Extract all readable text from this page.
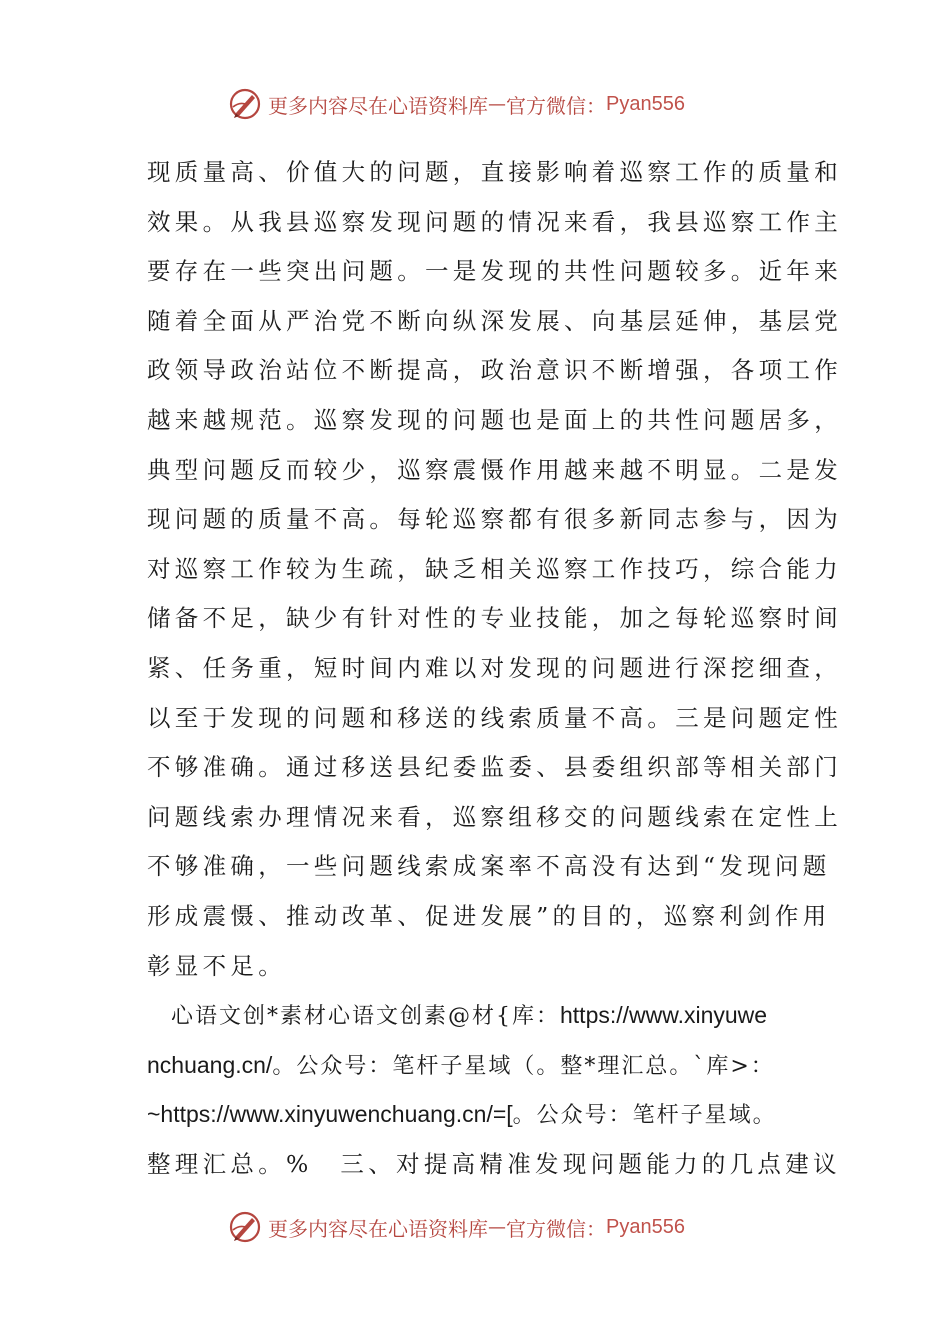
更多内容尽在心语资料库 — 官方微信： Pyan556
现质量高、价值大的问题，直接影响着巡察工作的质量和
效果。从我县巡察发现问题的情况来看，我县巡察工作主
要存在一些突出问题。一是发现的共性问题较多。近年来
随着全面从严治党不断向纵深发展、向基层延伸，基层党
政领导政治站位不断提高，政治意识不断增强，各项工作
越来越规范。巡察发现的问题也是面上的共性问题居多，
典型问题反而较少，巡察震慑作用越来越不明显。二是发
现问题的质量不高。每轮巡察都有很多新同志参与，因为
对巡察工作较为生疏，缺乏相关巡察工作技巧，综合能力
储备不足，缺少有针对性的专业技能，加之每轮巡察时间
紧、任务重，短时间内难以对发现的问题进行深挖细查，
以至于发现的问题和移送的线索质量不高。三是问题定性
不够准确。通过移送县纪委监委、县委组织部等相关部门
问题线索办理情况来看，巡察组移交的问题线索在定性上
不够准确，一些问题线索成案率不高没有达到“发现问题
形成震慑、推动改革、促进发展”的目的，巡察利剑作用
彰显不足。
心语文创*素材心语文创素@材{库：https://www.xinyuwe
nchuang.cn/。公众号：笔杆子星域（。整*理汇总。`库>：
~https://www.xinyuwenchuang.cn/=[。公众号：笔杆子星域。
整理汇总。%　三、对提高精准发现问题能力的几点建议
更多内容尽在心语资料库 — 官方微信： Pyan556
